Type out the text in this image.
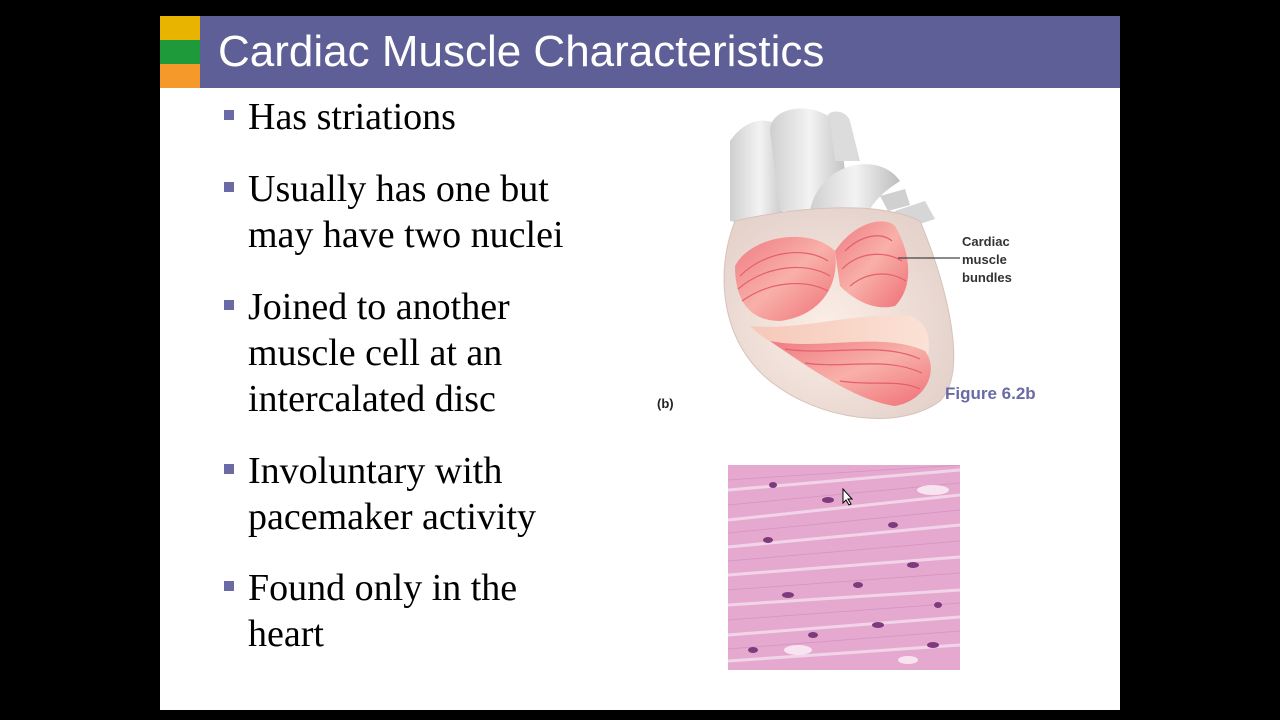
Cardiac Muscle Characteristics
Has striations
Usually has one but
may have two nuclei
Joined to another
muscle cell at an
intercalated disc
Involuntary with
pacemaker activity
Found only in the
heart
Cardiac muscle bundles
(b)
Figure 6.2b
